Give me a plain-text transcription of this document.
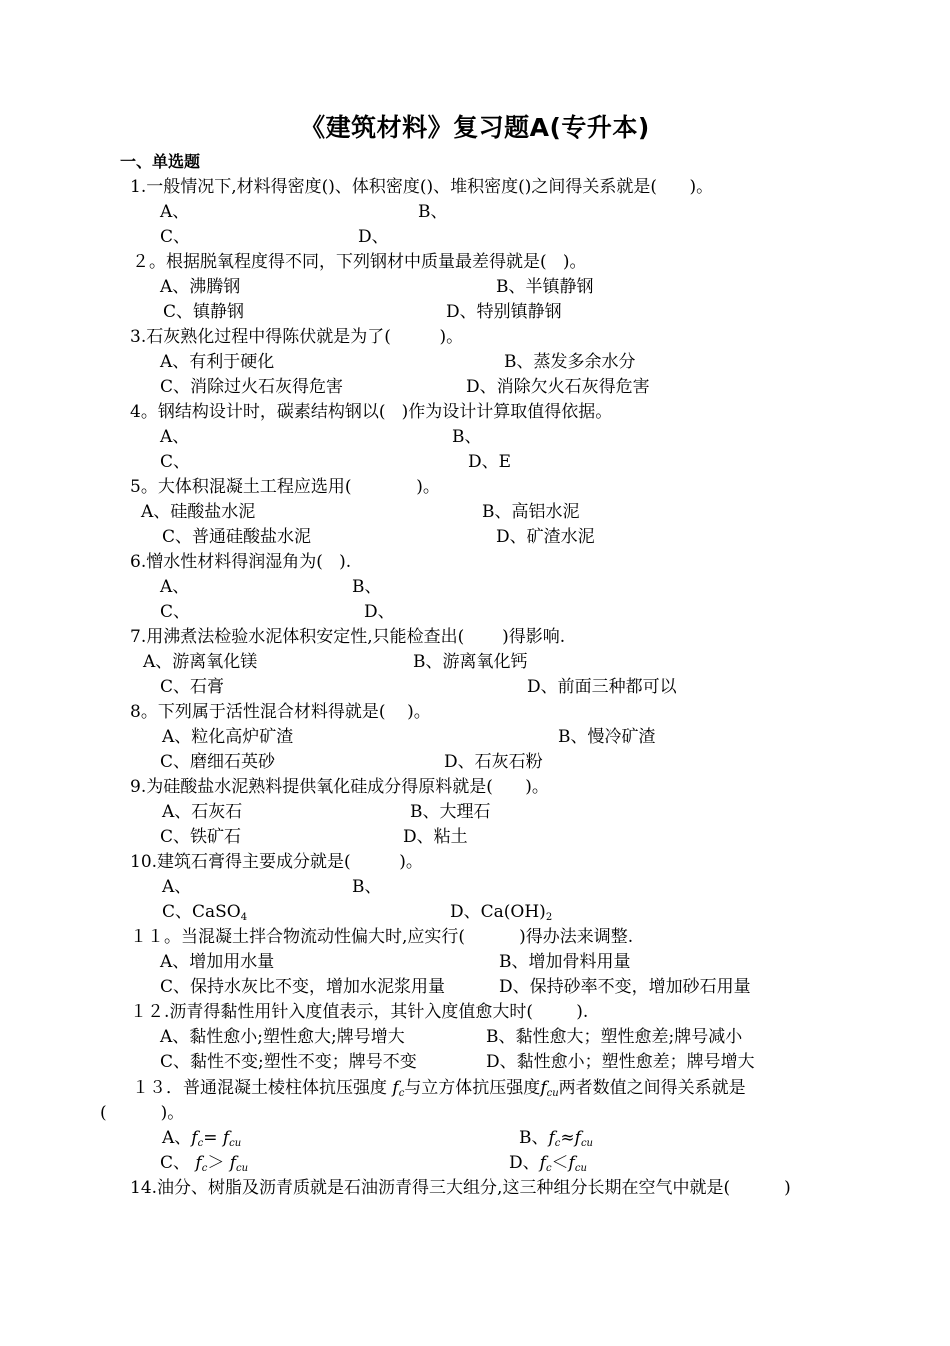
《建筑材料》复习题A(专升本)
一、单选题
1.一般情况下,材料得密度()、体积密度()、堆积密度()之间得关系就是(      )。
A、	B、
C、	D、
２。根据脱氧程度得不同，下列钢材中质量最差得就是(   )。
A、沸腾钢	B、半镇静钢
C、镇静钢	D、特别镇静钢
3.石灰熟化过程中得陈伏就是为了(         )。
A、有利于硬化	B、蒸发多余水分
C、消除过火石灰得危害	D、消除欠火石灰得危害
4。钢结构设计时，碳素结构钢以(   )作为设计计算取值得依据。
A、	B、
C、	D、E
5。大体积混凝土工程应选用(            )。
A、硅酸盐水泥	B、高铝水泥
C、普通硅酸盐水泥	D、矿渣水泥
6.憎水性材料得润湿角为(   ).
A、	B、
C、	D、
7.用沸煮法检验水泥体积安定性,只能检查出(       )得影响.
A、游离氧化镁	B、游离氧化钙
C、石膏	D、前面三种都可以
8。下列属于活性混合材料得就是(    )。
A、粒化高炉矿渣	B、慢冷矿渣
C、磨细石英砂	D、石灰石粉
9.为硅酸盐水泥熟料提供氧化硅成分得原料就是(      )。
A、石灰石	B、大理石
C、铁矿石	D、粘土
10.建筑石膏得主要成分就是(         )。
A、	B、
C、CaSO$_4$	D、$Ca(OH)_2$
１１。当混凝土拌合物流动性偏大时,应实行(          )得办法来调整.
A、增加用水量	B、增加骨料用量
C、保持水灰比不变，增加水泥浆用量	D、保持砂率不变，增加砂石用量
１２.沥青得黏性用针入度值表示，其针入度值愈大时(        ).
A、黏性愈小;塑性愈大;牌号增大	B、黏性愈大；塑性愈差;牌号减小
C、黏性不变;塑性不变；牌号不变	D、黏性愈小；塑性愈差；牌号增大
１３．普通混凝土棱柱体抗压强度 $f_c$与立方体抗压强度$f_{cu}$两者数值之间得关系就是
(          )。
A、$f_c= f_{cu}$	B、$f_c\approx f_{cu}$
C、 $f_c> f_{cu}$	D、$f_c<f_{cu}$
14.油分、树脂及沥青质就是石油沥青得三大组分,这三种组分长期在空气中就是(          )
